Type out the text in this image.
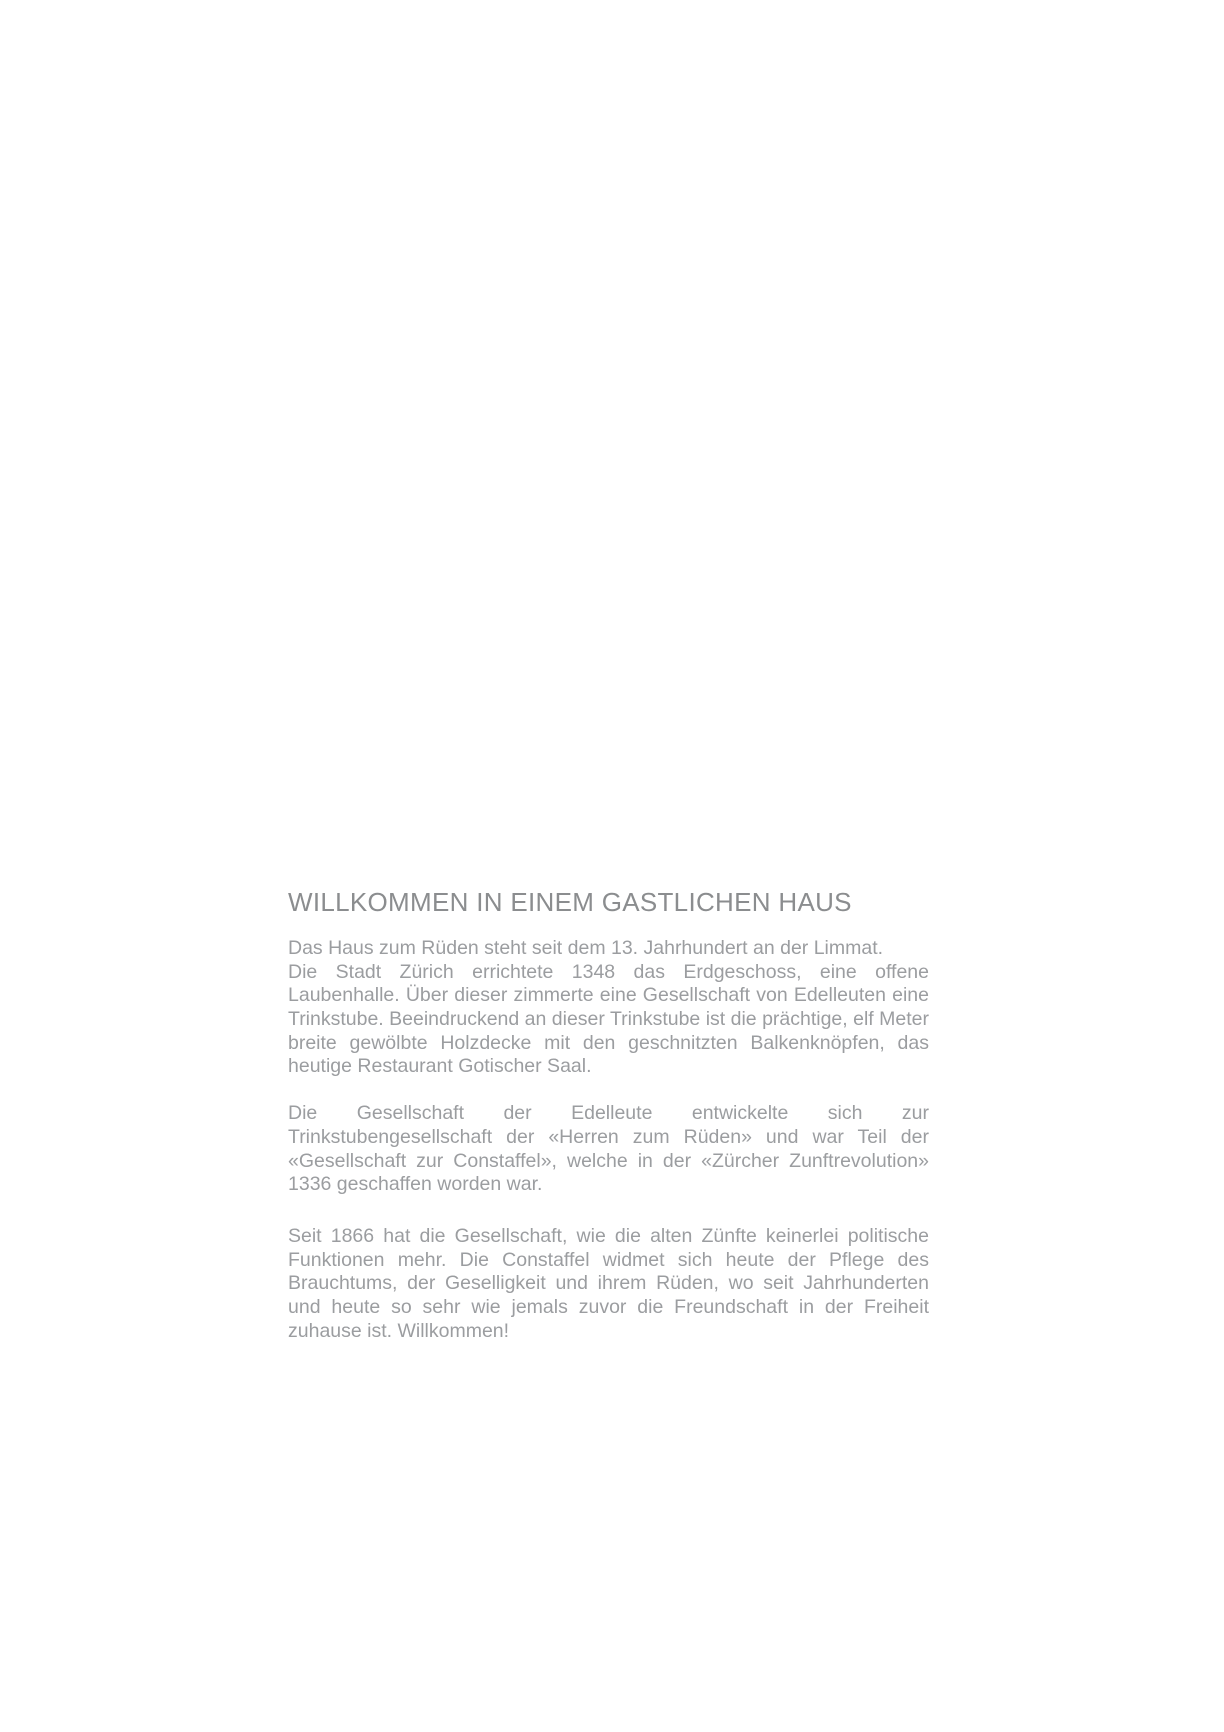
WILLKOMMEN IN EINEM GASTLICHEN HAUS

Das Haus zum Rüden steht seit dem 13. Jahrhundert an der Limmat.
Die Stadt Zürich errichtete 1348 das Erdgeschoss, eine offene Laubenhalle. Über dieser zimmerte eine Gesellschaft von Edelleuten eine Trinkstube. Beeindruckend an dieser Trinkstube ist die prächtige, elf Meter breite gewölbte Holzdecke mit den geschnitzten Balkenknöpfen, das heutige Restaurant Gotischer Saal.

Die Gesellschaft der Edelleute entwickelte sich zur Trinkstubengesellschaft der «Herren zum Rüden» und war Teil der «Gesellschaft zur Constaffel», welche in der «Zürcher Zunftrevolution» 1336 geschaffen worden war.

Seit 1866 hat die Gesellschaft, wie die alten Zünfte keinerlei politische Funktionen mehr. Die Constaffel widmet sich heute der Pflege des Brauchtums, der Geselligkeit und ihrem Rüden, wo seit Jahrhunderten und heute so sehr wie jemals zuvor die Freundschaft in der Freiheit zuhause ist. Willkommen!
